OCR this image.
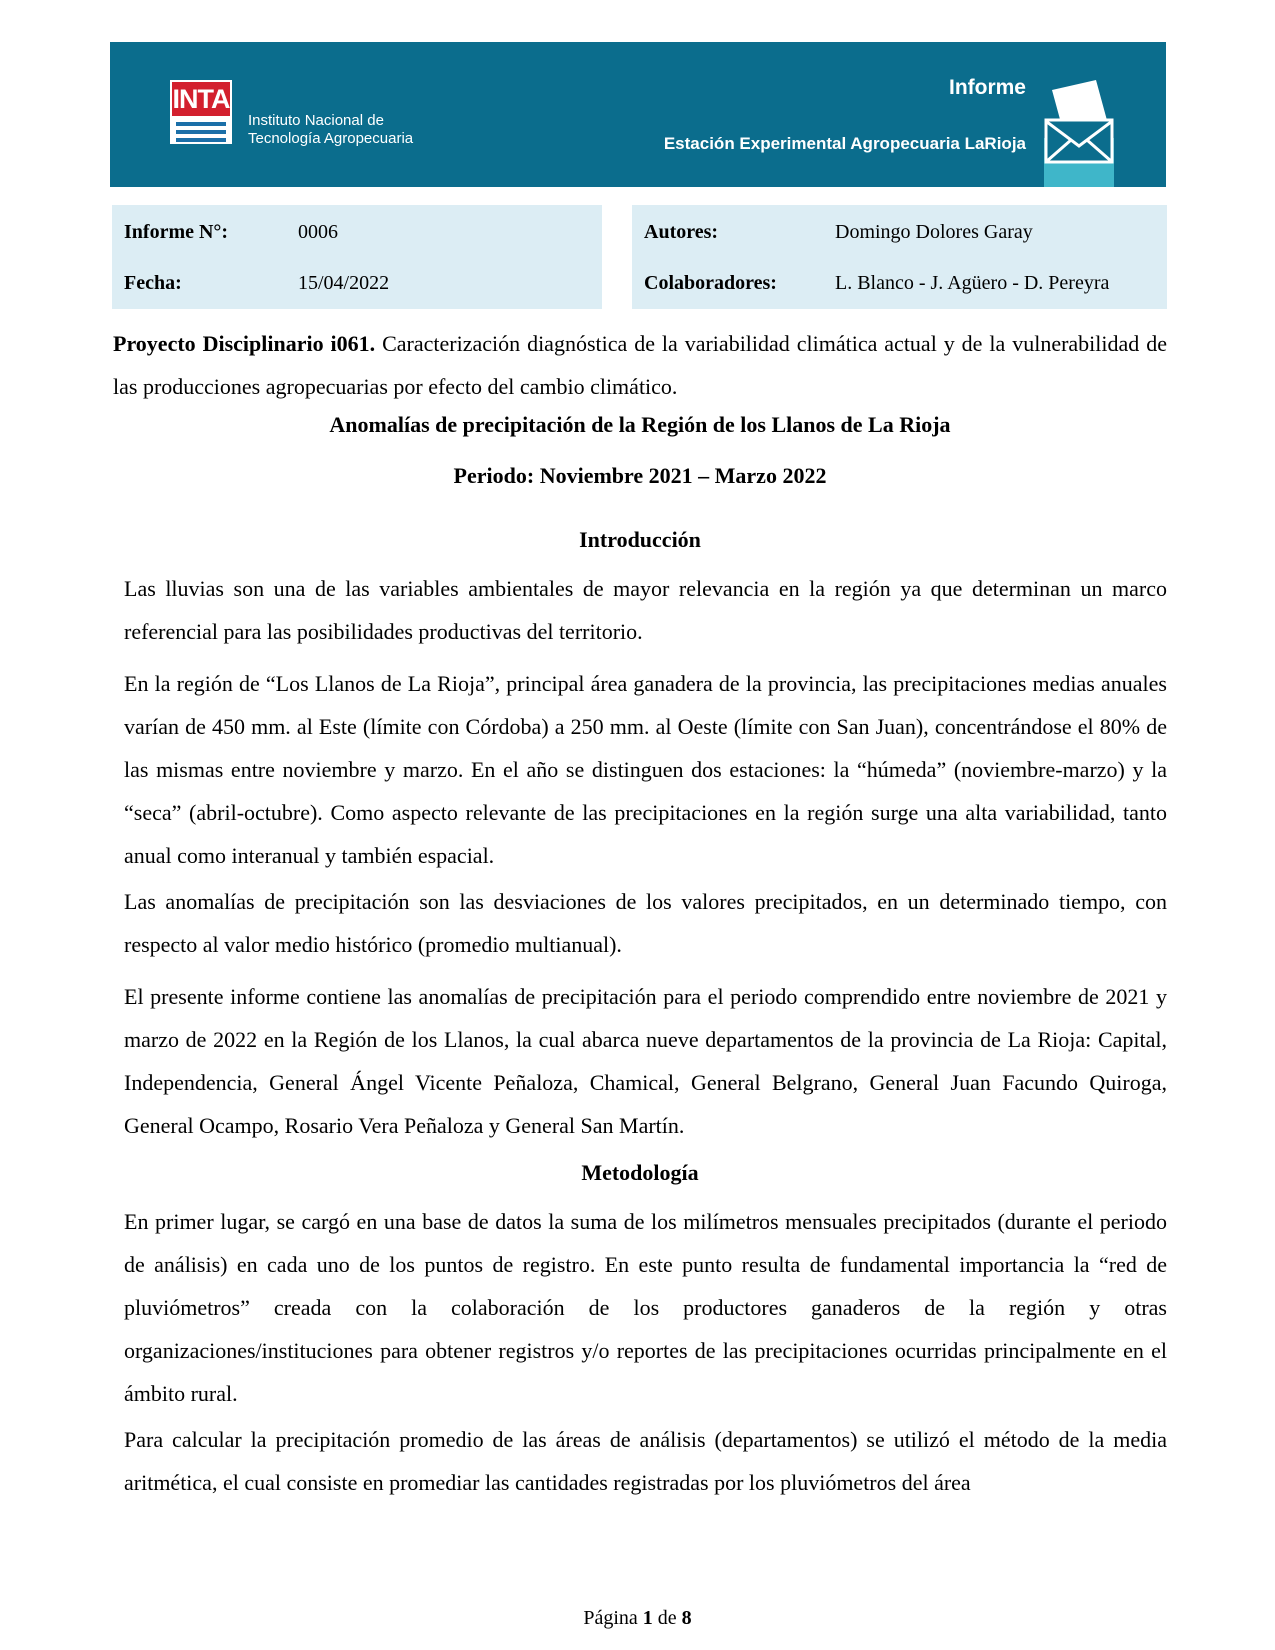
INTA
Instituto Nacional de
Tecnología Agropecuaria
Informe
Estación Experimental Agropecuaria LaRioja
Informe N°:	0006
Fecha:	15/04/2022
Autores:	Domingo Dolores Garay
Colaboradores:	L. Blanco - J. Agüero - D. Pereyra

Proyecto Disciplinario i061. Caracterización diagnóstica de la variabilidad climática actual y de la vulnerabilidad de las producciones agropecuarias por efecto del cambio climático.

Anomalías de precipitación de la Región de los Llanos de La Rioja

Periodo: Noviembre 2021 – Marzo 2022

Introducción

Las lluvias son una de las variables ambientales de mayor relevancia en la región ya que determinan un marco referencial para las posibilidades productivas del territorio.

En la región de “Los Llanos de La Rioja”, principal área ganadera de la provincia, las precipitaciones medias anuales varían de 450 mm. al Este (límite con Córdoba) a 250 mm. al Oeste (límite con San Juan), concentrándose el 80% de las mismas entre noviembre y marzo. En el año se distinguen dos estaciones: la “húmeda” (noviembre-marzo) y la “seca” (abril-octubre). Como aspecto relevante de las precipitaciones en la región surge una alta variabilidad, tanto anual como interanual y también espacial.

Las anomalías de precipitación son las desviaciones de los valores precipitados, en un determinado tiempo, con respecto al valor medio histórico (promedio multianual).

El presente informe contiene las anomalías de precipitación para el periodo comprendido entre noviembre de 2021 y marzo de 2022 en la Región de los Llanos, la cual abarca nueve departamentos de la provincia de La Rioja: Capital, Independencia, General Ángel Vicente Peñaloza, Chamical, General Belgrano, General Juan Facundo Quiroga, General Ocampo, Rosario Vera Peñaloza y General San Martín.

Metodología

En primer lugar, se cargó en una base de datos la suma de los milímetros mensuales precipitados (durante el periodo de análisis) en cada uno de los puntos de registro. En este punto resulta de fundamental importancia la “red de pluviómetros” creada con la colaboración de los productores ganaderos de la región y otras organizaciones/instituciones para obtener registros y/o reportes de las precipitaciones ocurridas principalmente en el ámbito rural.

Para calcular la precipitación promedio de las áreas de análisis (departamentos) se utilizó el método de la media aritmética, el cual consiste en promediar las cantidades registradas por los pluviómetros del área

Página 1 de 8
